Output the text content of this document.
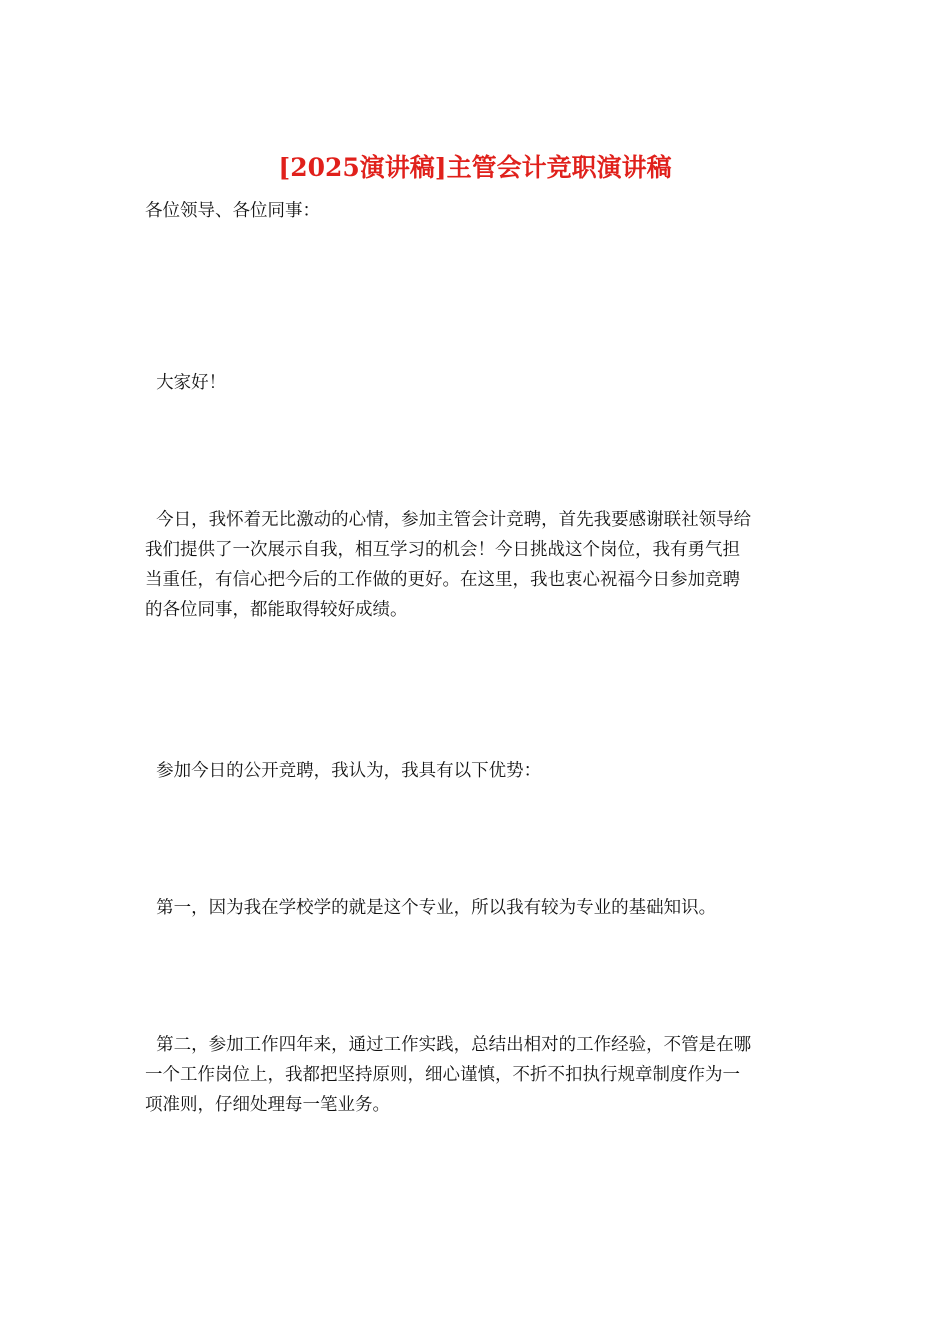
[2025演讲稿]主管会计竞职演讲稿

各位领导、各位同事：

大家好！

今日，我怀着无比激动的心情，参加主管会计竞聘，首先我要感谢联社领导给
我们提供了一次展示自我，相互学习的机会！今日挑战这个岗位，我有勇气担
当重任，有信心把今后的工作做的更好。在这里，我也衷心祝福今日参加竞聘
的各位同事，都能取得较好成绩。

参加今日的公开竞聘，我认为，我具有以下优势：

第一，因为我在学校学的就是这个专业，所以我有较为专业的基础知识。

第二，参加工作四年来，通过工作实践，总结出相对的工作经验，不管是在哪
一个工作岗位上，我都把坚持原则，细心谨慎，不折不扣执行规章制度作为一
项准则，仔细处理每一笔业务。
